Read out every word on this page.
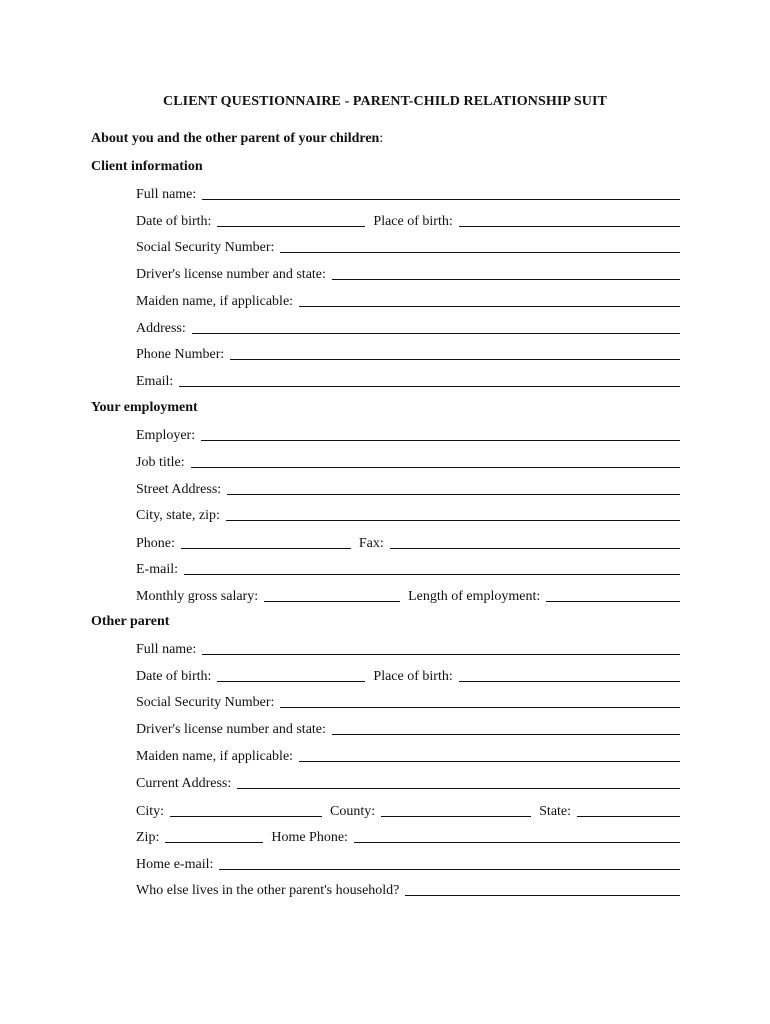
CLIENT QUESTIONNAIRE - PARENT-CHILD RELATIONSHIP SUIT
About you and the other parent of your children:
Client information
Full name:
Date of birth:	Place of birth:
Social Security Number:
Driver's license number and state:
Maiden name, if applicable:
Address:
Phone Number:
Email:
Your employment
Employer:
Job title:
Street Address:
City, state, zip:
Phone:	Fax:
E-mail:
Monthly gross salary:	Length of employment:
Other parent
Full name:
Date of birth:	Place of birth:
Social Security Number:
Driver's license number and state:
Maiden name, if applicable:
Current Address:
City:	County:	State:
Zip:	Home Phone:
Home e-mail:
Who else lives in the other parent's household?
